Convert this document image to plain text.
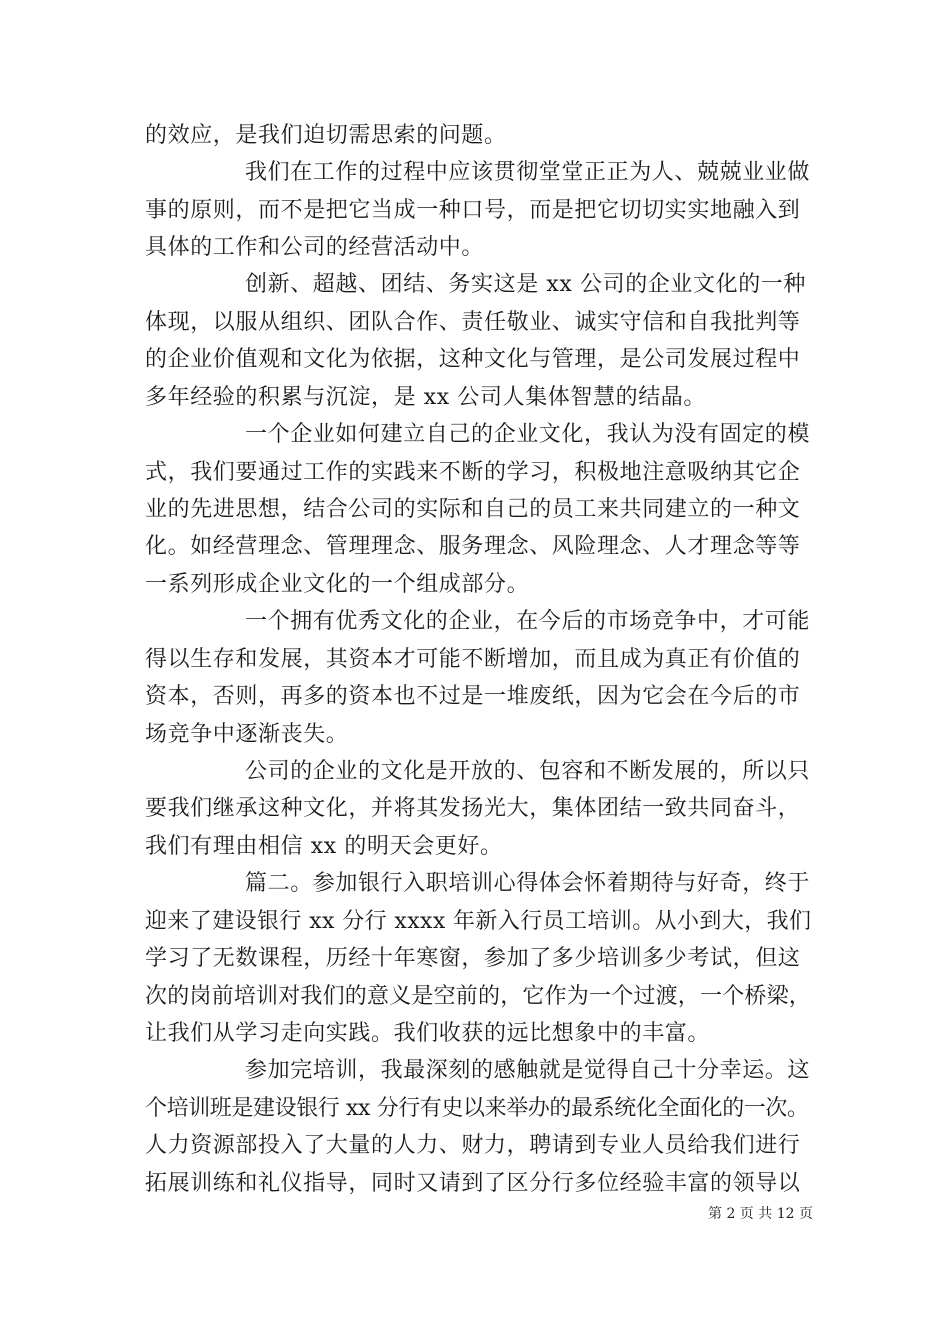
的效应，是我们迫切需思索的问题。
我们在工作的过程中应该贯彻堂堂正正为人、兢兢业业做
事的原则，而不是把它当成一种口号，而是把它切切实实地融入到
具体的工作和公司的经营活动中。
创新、超越、团结、务实这是 xx 公司的企业文化的一种
体现，以服从组织、团队合作、责任敬业、诚实守信和自我批判等
的企业价值观和文化为依据，这种文化与管理，是公司发展过程中
多年经验的积累与沉淀，是 xx 公司人集体智慧的结晶。
一个企业如何建立自己的企业文化，我认为没有固定的模
式，我们要通过工作的实践来不断的学习，积极地注意吸纳其它企
业的先进思想，结合公司的实际和自己的员工来共同建立的一种文
化。如经营理念、管理理念、服务理念、风险理念、人才理念等等
一系列形成企业文化的一个组成部分。
一个拥有优秀文化的企业，在今后的市场竞争中，才可能
得以生存和发展，其资本才可能不断增加，而且成为真正有价值的
资本，否则，再多的资本也不过是一堆废纸，因为它会在今后的市
场竞争中逐渐丧失。
公司的企业的文化是开放的、包容和不断发展的，所以只
要我们继承这种文化，并将其发扬光大，集体团结一致共同奋斗，
我们有理由相信 xx 的明天会更好。
篇二。参加银行入职培训心得体会怀着期待与好奇，终于
迎来了建设银行 xx 分行 xxxx 年新入行员工培训。从小到大，我们
学习了无数课程，历经十年寒窗，参加了多少培训多少考试，但这
次的岗前培训对我们的意义是空前的，它作为一个过渡，一个桥梁，
让我们从学习走向实践。我们收获的远比想象中的丰富。
参加完培训，我最深刻的感触就是觉得自己十分幸运。这
个培训班是建设银行 xx 分行有史以来举办的最系统化全面化的一次。
人力资源部投入了大量的人力、财力，聘请到专业人员给我们进行
拓展训练和礼仪指导，同时又请到了区分行多位经验丰富的领导以
第 2 页 共 12 页
